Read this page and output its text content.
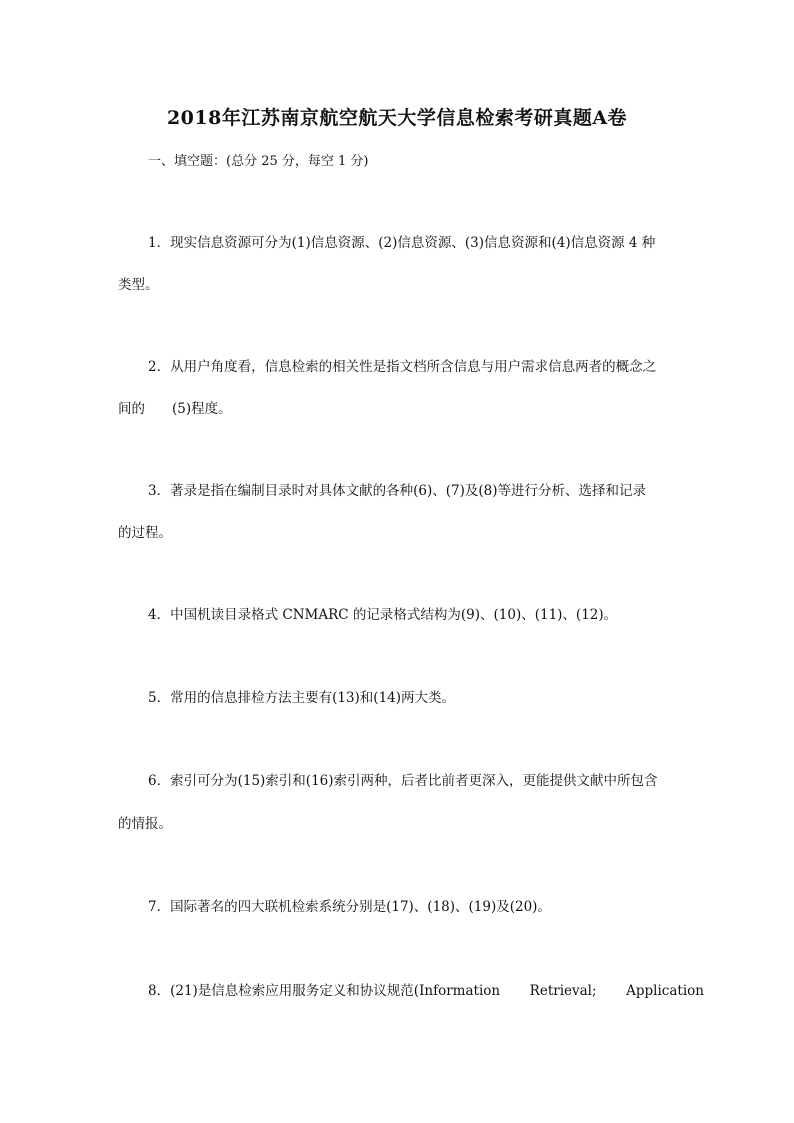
2018年江苏南京航空航天大学信息检索考研真题A卷
一、填空题：(总分 25 分，每空 1 分)
1．现实信息资源可分为(1)信息资源、(2)信息资源、(3)信息资源和(4)信息资源 4 种
类型。
2．从用户角度看，信息检索的相关性是指文档所含信息与用户需求信息两者的概念之
间的　　(5)程度。
3．著录是指在编制目录时对具体文献的各种(6)、(7)及(8)等进行分析、选择和记录
的过程。
4．中国机读目录格式 CNMARC 的记录格式结构为(9)、(10)、(11)、(12)。
5．常用的信息排检方法主要有(13)和(14)两大类。
6．索引可分为(15)索引和(16)索引两种，后者比前者更深入，更能提供文献中所包含
的情报。
7．国际著名的四大联机检索系统分别是(17)、(18)、(19)及(20)。
8．(21)是信息检索应用服务定义和协议规范(Information Retrieval; Application
